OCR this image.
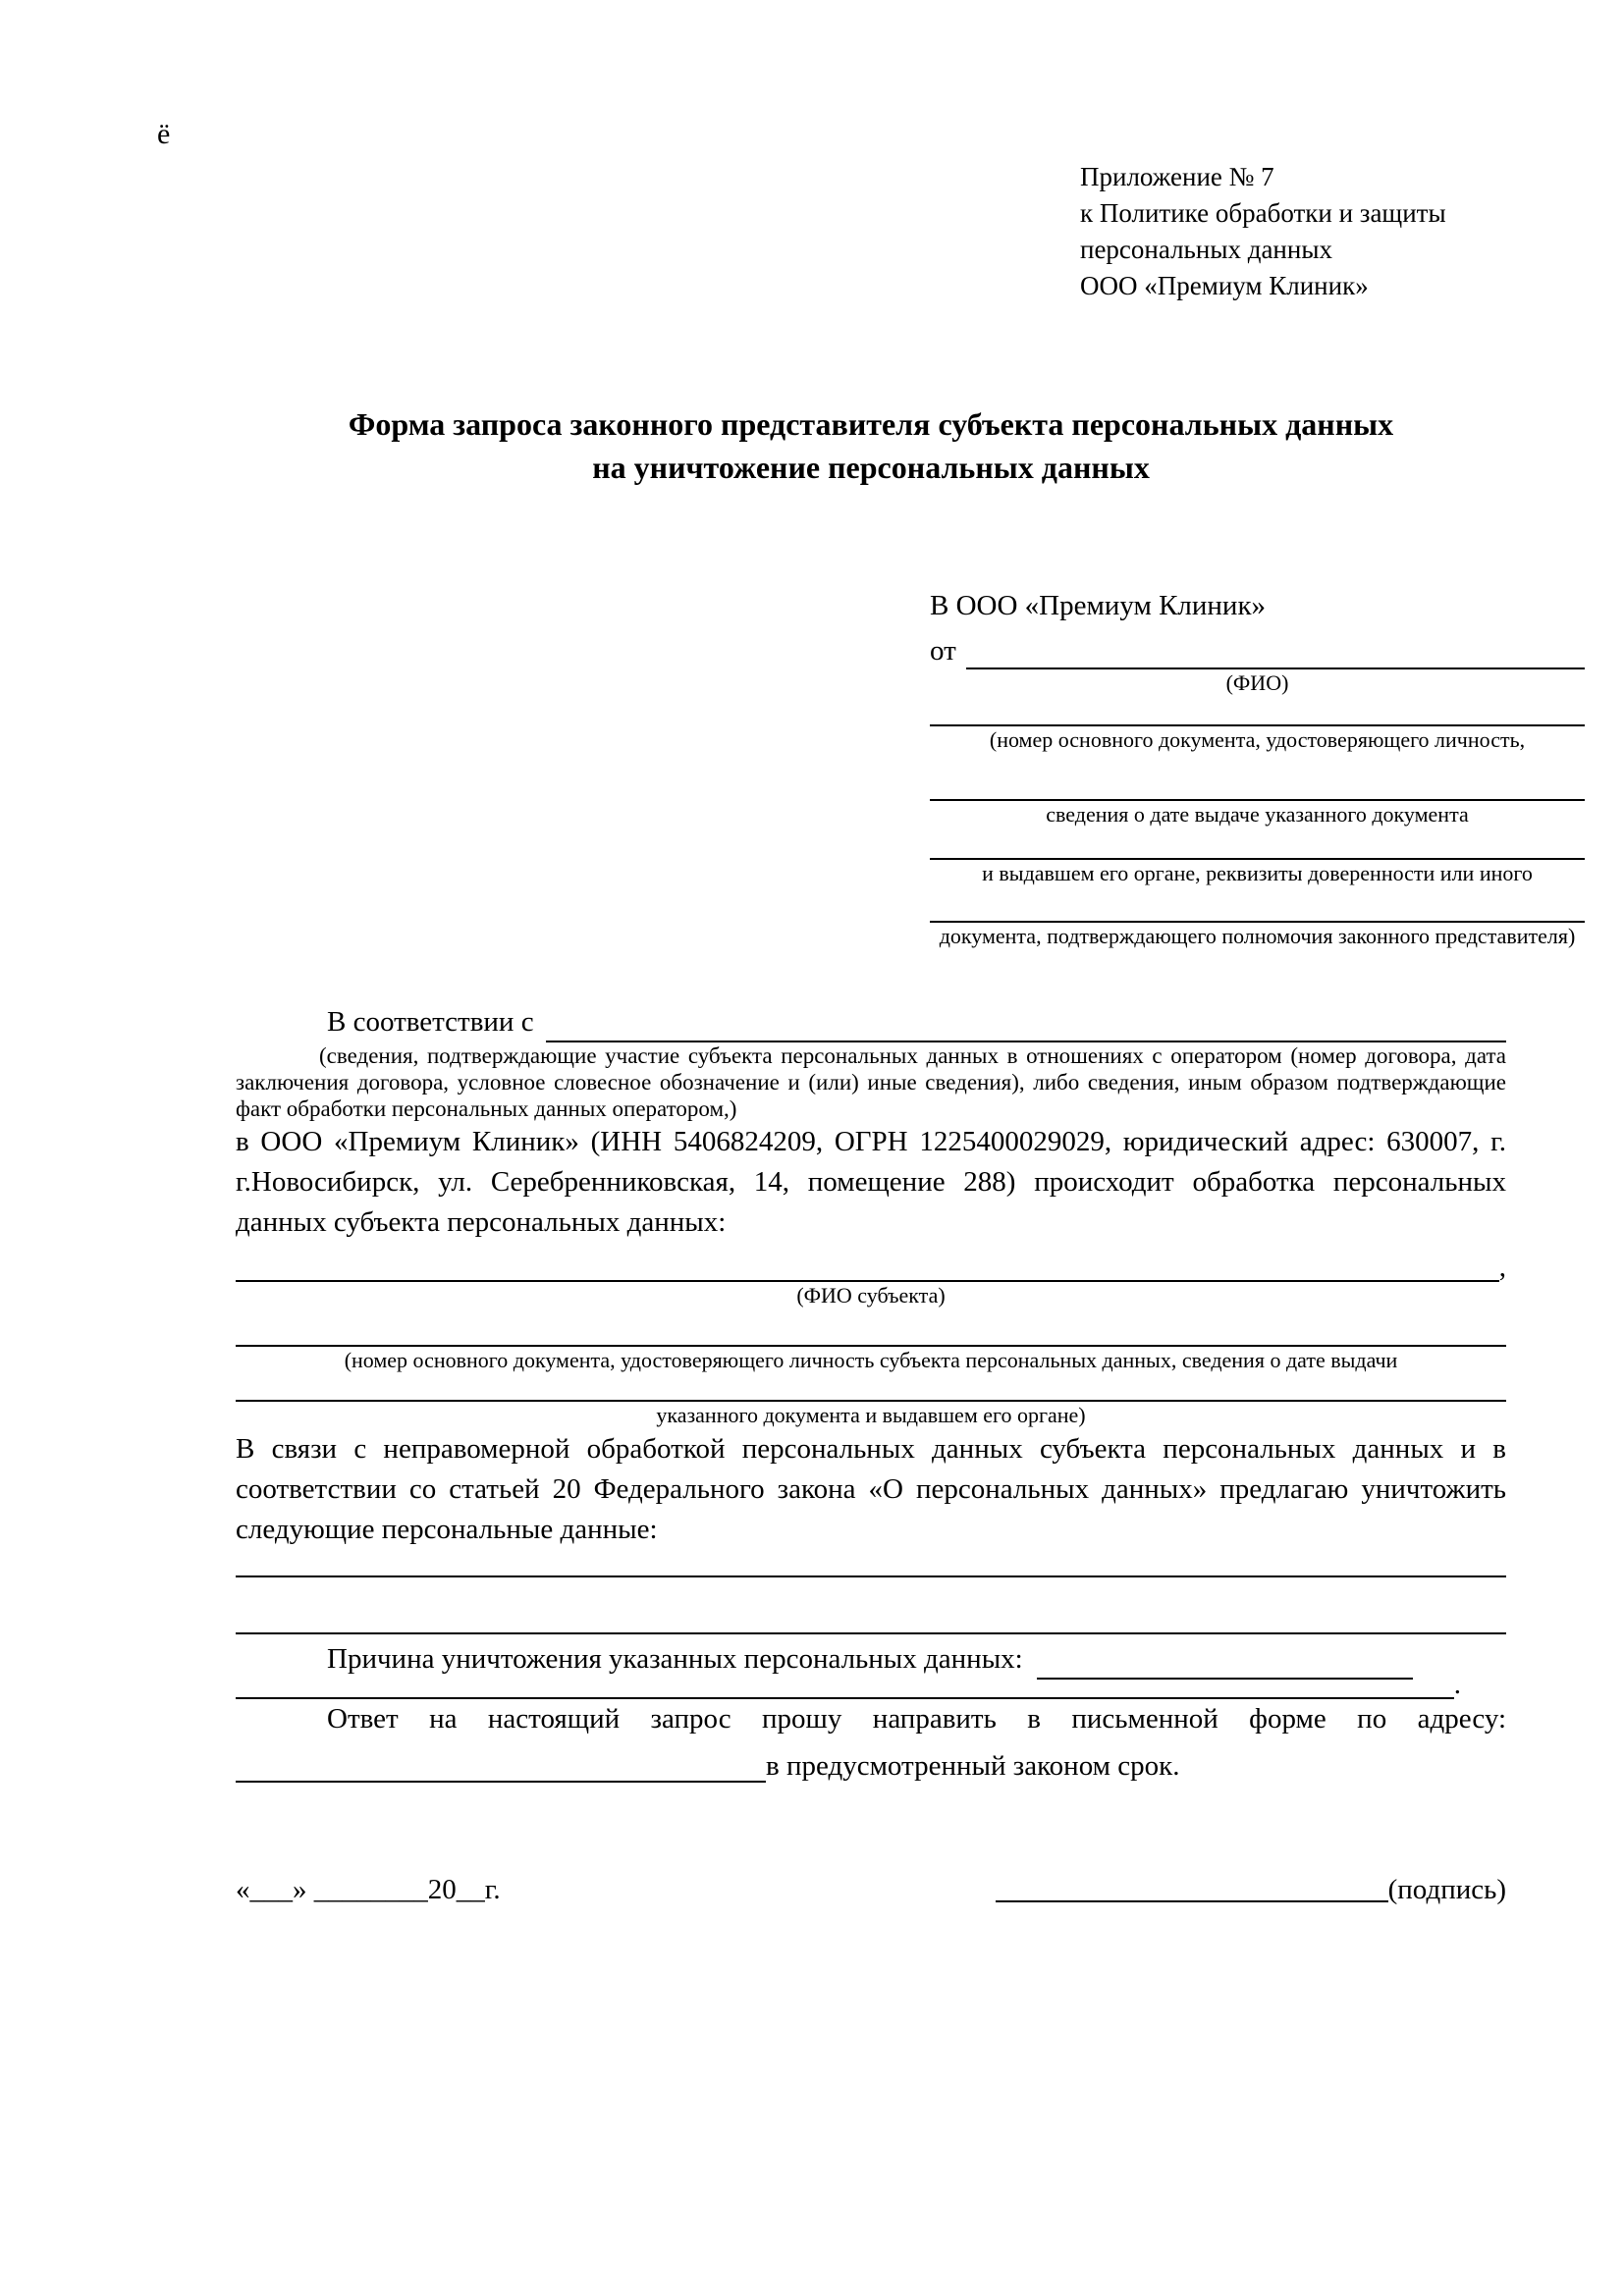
ё
Приложение № 7
к Политике обработки и защиты
персональных данных
ООО «Премиум Клиник»
Форма запроса законного представителя субъекта персональных данных
на уничтожение персональных данных
В ООО «Премиум Клиник»
от
(ФИО)
(номер основного документа, удостоверяющего личность,
сведения о дате выдаче указанного документа
и выдавшем его органе, реквизиты доверенности или иного
документа, подтверждающего полномочия законного представителя)
В соответствии с
(сведения, подтверждающие участие субъекта персональных данных в отношениях с оператором (номер договора, дата заключения договора, условное словесное обозначение и (или) иные сведения), либо сведения, иным образом подтверждающие факт обработки персональных данных оператором,)

в ООО «Премиум Клиник» (ИНН 5406824209, ОГРН 1225400029029, юридический адрес: 630007, г. г.Новосибирск, ул. Серебренниковская, 14, помещение 288) происходит обработка персональных данных субъекта персональных данных:

,
(ФИО субъекта)
(номер основного документа, удостоверяющего личность субъекта персональных данных, сведения о дате выдачи
указанного документа и выдавшем его органе)

В связи с неправомерной обработкой персональных данных субъекта персональных данных и в соответствии со статьей 20 Федерального закона «О персональных данных» предлагаю уничтожить следующие персональные данные:

Причина уничтожения указанных персональных данных:
.

Ответ на настоящий запрос прошу направить в письменной форме по адресу:

в предусмотренный законом срок.
«___» ________20__г.	(подпись)
